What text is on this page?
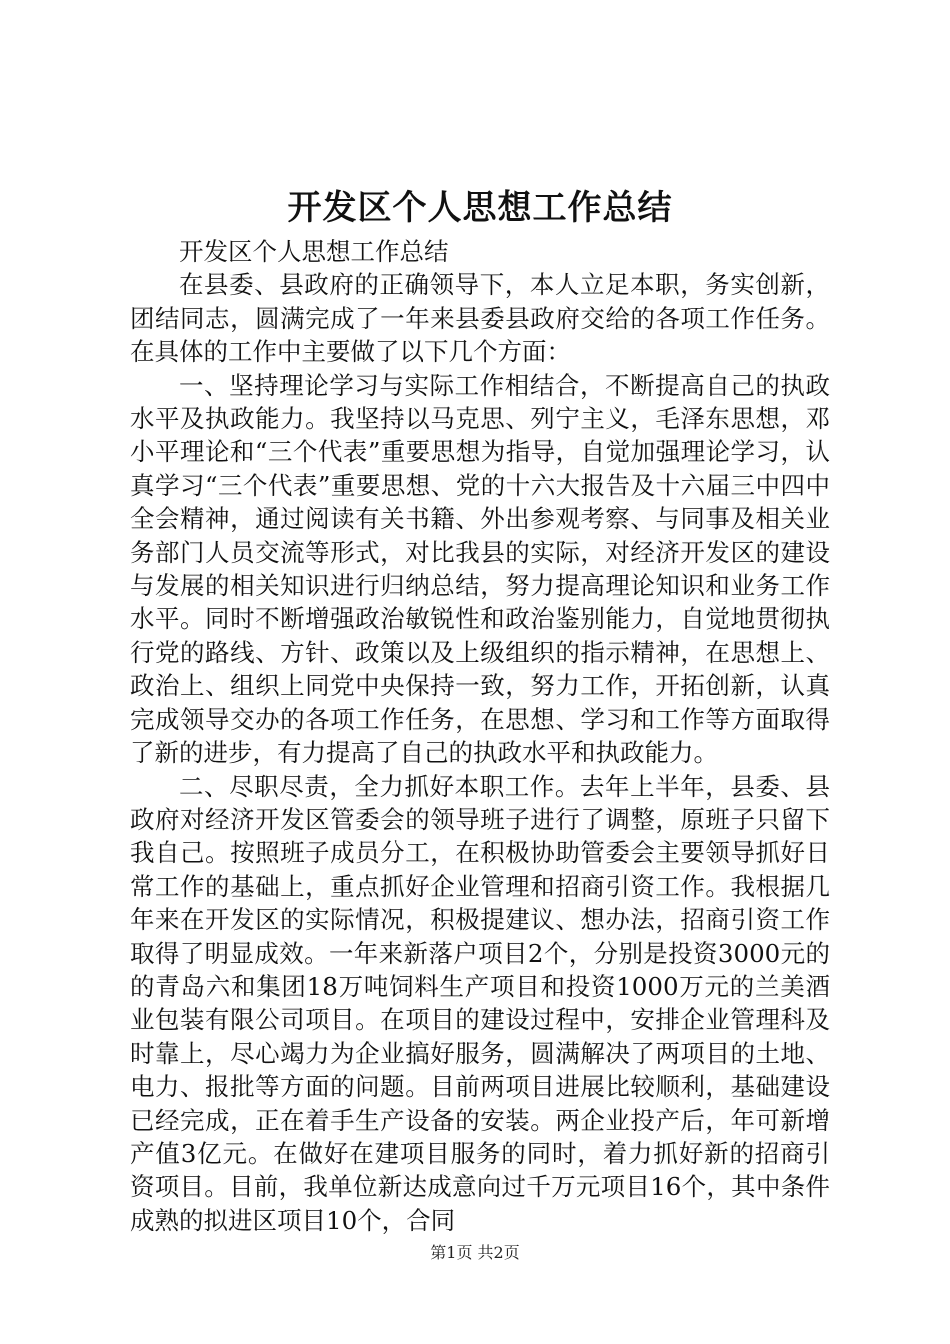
开发区个人思想工作总结

开发区个人思想工作总结

在县委、县政府的正确领导下，本人立足本职，务实创新，团结同志，圆满完成了一年来县委县政府交给的各项工作任务。在具体的工作中主要做了以下几个方面：

一、坚持理论学习与实际工作相结合，不断提高自己的执政水平及执政能力。我坚持以马克思、列宁主义，毛泽东思想，邓小平理论和“三个代表”重要思想为指导，自觉加强理论学习，认真学习“三个代表”重要思想、党的十六大报告及十六届三中四中全会精神，通过阅读有关书籍、外出参观考察、与同事及相关业务部门人员交流等形式，对比我县的实际，对经济开发区的建设与发展的相关知识进行归纳总结，努力提高理论知识和业务工作水平。同时不断增强政治敏锐性和政治鉴别能力，自觉地贯彻执行党的路线、方针、政策以及上级组织的指示精神，在思想上、政治上、组织上同党中央保持一致，努力工作，开拓创新，认真完成领导交办的各项工作任务，在思想、学习和工作等方面取得了新的进步，有力提高了自己的执政水平和执政能力。

二、尽职尽责，全力抓好本职工作。去年上半年，县委、县政府对经济开发区管委会的领导班子进行了调整，原班子只留下我自己。按照班子成员分工，在积极协助管委会主要领导抓好日常工作的基础上，重点抓好企业管理和招商引资工作。我根据几年来在开发区的实际情况，积极提建议、想办法，招商引资工作取得了明显成效。一年来新落户项目2个，分别是投资3000元的的青岛六和集团18万吨饲料生产项目和投资1000万元的兰美酒业包装有限公司项目。在项目的建设过程中，安排企业管理科及时靠上，尽心竭力为企业搞好服务，圆满解决了两项目的土地、电力、报批等方面的问题。目前两项目进展比较顺利，基础建设已经完成，正在着手生产设备的安装。两企业投产后，年可新增产值3亿元。在做好在建项目服务的同时，着力抓好新的招商引资项目。目前，我单位新达成意向过千万元项目16个，其中条件成熟的拟进区项目10个，合同

第1页 共2页
